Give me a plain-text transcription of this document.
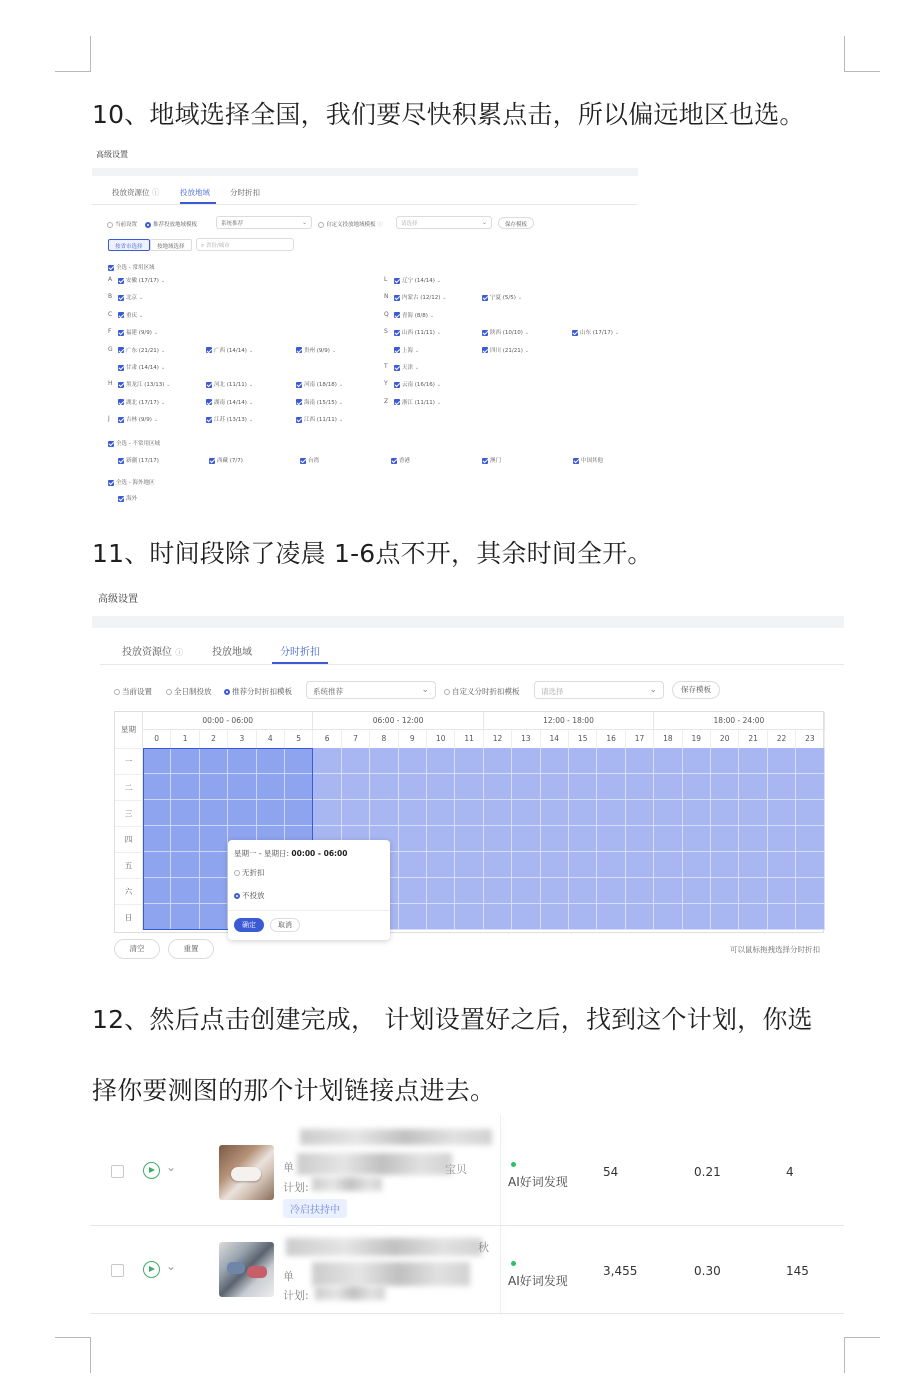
10、地域选择全国，我们要尽快积累点击，所以偏远地区也选。
高级设置
投放资源位 ⓘ	投放地域	分时折扣
当前设置	推荐投放地域模板	系统推荐	⌄	自定义投放地域模板 ⓘ	请选择	⌄	保存模板
按省市选择	按地域选择	⌕ 省份/城市
全选 - 常用区域
A	安徽 (17/17) ⌄
B	北京 ⌄
C	重庆 ⌄
F	福建 (9/9) ⌄
G	广东 (21/21) ⌄	广西 (14/14) ⌄	贵州 (9/9) ⌄
甘肃 (14/14) ⌄
H	黑龙江 (13/13) ⌄	河北 (11/11) ⌄	河南 (18/18) ⌄
湖北 (17/17) ⌄	湖南 (14/14) ⌄	海南 (15/15) ⌄
J	吉林 (9/9) ⌄	江苏 (13/13) ⌄	江西 (11/11) ⌄
L	辽宁 (14/14) ⌄
N	内蒙古 (12/12) ⌄	宁夏 (5/5) ⌄
Q	青海 (8/8) ⌄
S	山西 (11/11) ⌄	陕西 (10/10) ⌄	山东 (17/17) ⌄
上海 ⌄	四川 (21/21) ⌄
T	天津 ⌄
Y	云南 (16/16) ⌄
Z	浙江 (11/11) ⌄
全选 - 不常用区域
新疆 (17/17)	西藏 (7/7)	台湾	香港	澳门	中国其他
全选 - 海外地区
海外
11、时间段除了凌晨 1-6点不开，其余时间全开。
高级设置
投放资源位 ⓘ	投放地域	分时折扣
当前设置	全日制投放	推荐分时折扣模板	系统推荐	⌄	自定义分时折扣模板	请选择	⌄	保存模板
星期
00:00 - 06:00	06:00 - 12:00	12:00 - 18:00	18:00 - 24:00
0	1	2	3	4	5	6	7	8	9	10	11	12	13	14	15	16	17	18	19	20	21	22	23
一
二
三
四
五
六
日
星期一 - 星期日: 00:00 - 06:00
无折扣
不投放
确定	取消
清空	重置	可以鼠标拖拽选择分时折扣
12、然后点击创建完成， 计划设置好之后，找到这个计划，你选
择你要测图的那个计划链接点进去。
⌄	单	宝贝
计划:
冷启扶持中
AI好词发现
54	0.21	4
⌄
秋
单
计划:
AI好词发现
3,455	0.30	145
